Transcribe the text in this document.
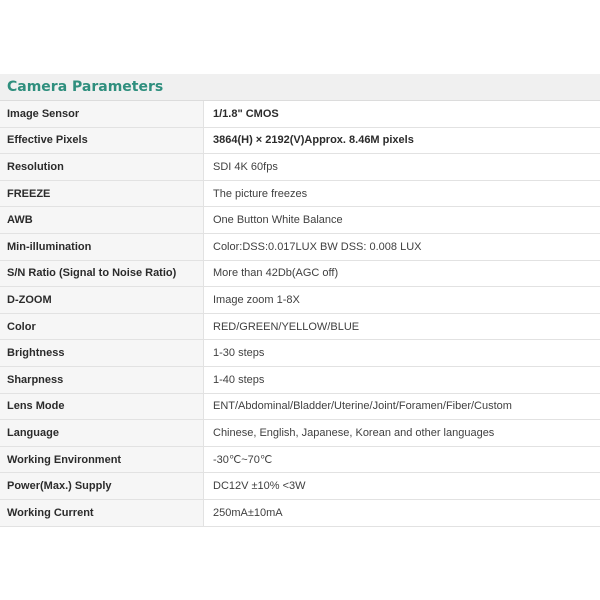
Camera Parameters
Image Sensor	1/1.8" CMOS
Effective Pixels	3864(H) × 2192(V)Approx. 8.46M pixels
Resolution	SDI 4K 60fps
FREEZE	The picture freezes
AWB	One Button White Balance
Min-illumination	Color:DSS:0.017LUX BW DSS: 0.008 LUX
S/N Ratio (Signal to Noise Ratio)	More than 42Db(AGC off)
D-ZOOM	Image zoom 1-8X
Color	RED/GREEN/YELLOW/BLUE
Brightness	1-30 steps
Sharpness	1-40 steps
Lens Mode	ENT/Abdominal/Bladder/Uterine/Joint/Foramen/Fiber/Custom
Language	Chinese, English, Japanese, Korean and other languages
Working Environment	-30℃~70℃
Power(Max.) Supply	DC12V ±10% <3W
Working Current	250mA±10mA
